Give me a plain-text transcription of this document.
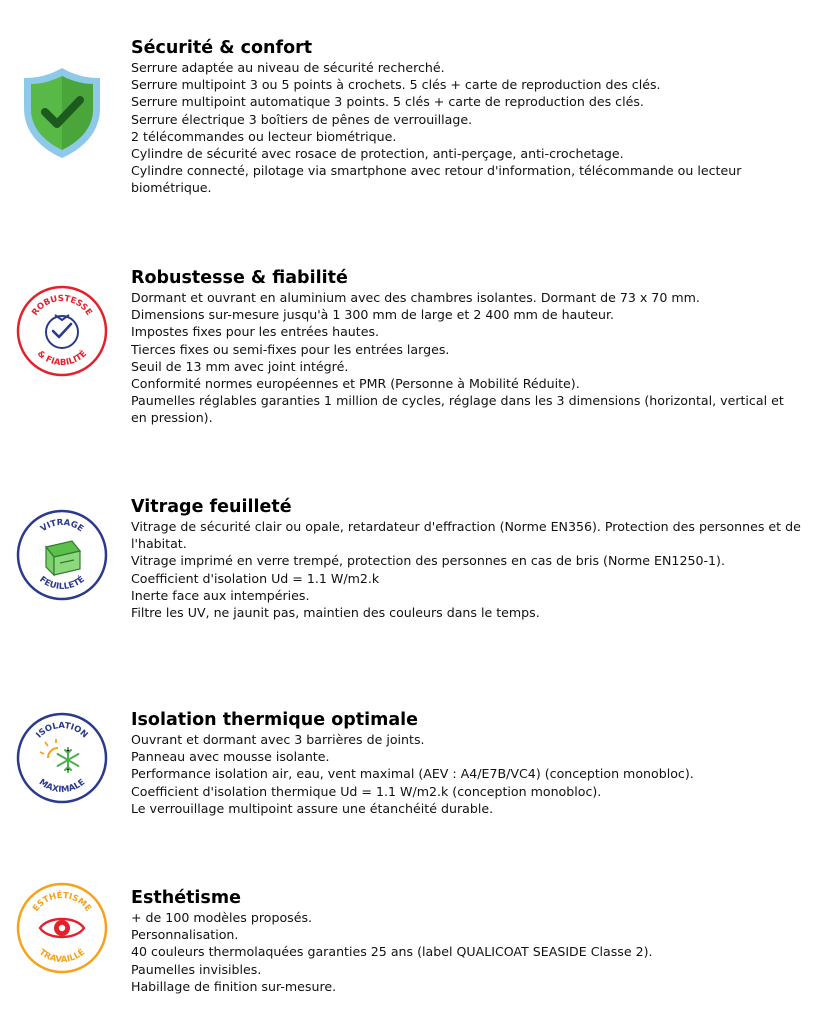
Sécurité & confort

Serrure adaptée au niveau de sécurité recherché.

Serrure multipoint 3 ou 5 points à crochets. 5 clés + carte de reproduction des clés.

Serrure multipoint automatique 3 points. 5 clés + carte de reproduction des clés.

Serrure électrique 3 boîtiers de pênes de verrouillage.

2 télécommandes ou lecteur biométrique.

Cylindre de sécurité avec rosace de protection, anti-perçage, anti-crochetage.

Cylindre connecté, pilotage via smartphone avec retour d'information, télécommande ou lecteur biométrique.

ROBUSTESSE
& FIABILITÉ

Robustesse & fiabilité

Dormant et ouvrant en aluminium avec des chambres isolantes. Dormant de 73 x 70 mm.

Dimensions sur-mesure jusqu'à 1 300 mm de large et 2 400 mm de hauteur.

Impostes fixes pour les entrées hautes.

Tierces fixes ou semi-fixes pour les entrées larges.

Seuil de 13 mm avec joint intégré.

Conformité normes européennes et PMR (Personne à Mobilité Réduite).

Paumelles réglables garanties 1 million de cycles, réglage dans les 3 dimensions (horizontal, vertical et en pression).

VITRAGE
FEUILLETÉ

Vitrage feuilleté

Vitrage de sécurité clair ou opale, retardateur d'effraction (Norme EN356). Protection des personnes et de l'habitat.

Vitrage imprimé en verre trempé, protection des personnes en cas de bris (Norme EN1250-1).

Coefficient d'isolation Ud = 1.1 W/m2.k

Inerte face aux intempéries.

Filtre les UV, ne jaunit pas, maintien des couleurs dans le temps.

ISOLATION
MAXIMALE

Isolation thermique optimale

Ouvrant et dormant avec 3 barrières de joints.

Panneau avec mousse isolante.

Performance isolation air, eau, vent maximal (AEV : A4/E7B/VC4) (conception monobloc).

Coefficient d'isolation thermique Ud = 1.1 W/m2.k (conception monobloc).

Le verrouillage multipoint assure une étanchéité durable.

ESTHÉTISME
TRAVAILLÉ

Esthétisme

+ de 100 modèles proposés.

Personnalisation.

40 couleurs thermolaquées garanties 25 ans (label QUALICOAT SEASIDE Classe 2).

Paumelles invisibles.

Habillage de finition sur-mesure.
